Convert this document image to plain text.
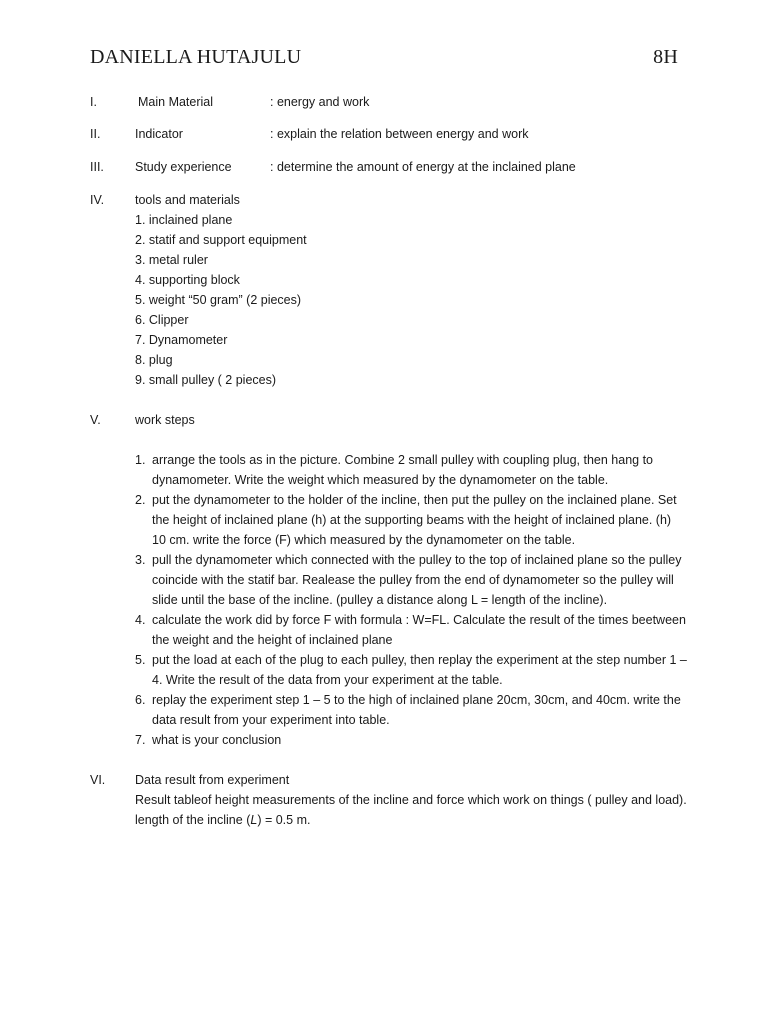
DANIELLA HUTAJULU	8H
I.	Main Material	: energy and work
II.	Indicator	: explain the relation between energy and work
III.	Study experience	: determine the amount of energy at the inclained plane
IV.	tools and materials
1. inclained plane
2. statif and support equipment
3. metal ruler
4. supporting block
5. weight “50 gram” (2 pieces)
6. Clipper
7. Dynamometer
8. plug
9. small pulley ( 2 pieces)
V.	work steps
1. arrange the tools as in the picture. Combine 2 small pulley with coupling plug, then hang to dynamometer. Write the weight which measured by the dynamometer on the table.
2. put the dynamometer to the holder of the incline, then put the pulley on the inclained plane. Set the height of inclained plane (h) at the supporting beams with the height of inclained plane. (h) 10 cm. write the force (F) which measured by the dynamometer on the table.
3. pull the dynamometer which connected with the pulley to the top of inclained plane so the pulley coincide with the statif bar. Realease the pulley from the end of dynamometer so the pulley will slide until the base of the incline. (pulley a distance along L = length of the incline).
4. calculate the work did by force F with formula : W=FL. Calculate the result of the times beetween the weight and the height of inclained plane
5. put the load at each of the plug to each pulley, then replay the experiment at the step number 1 – 4. Write the result of the data from your experiment at the table.
6. replay the experiment step 1 – 5 to the high of inclained plane 20cm, 30cm, and 40cm. write the data result from your experiment into table.
7. what is your conclusion
VI.	Data result from experiment
Result tableof height measurements of the incline and force which work on things ( pulley and load).
length of the incline (L) = 0.5 m.
